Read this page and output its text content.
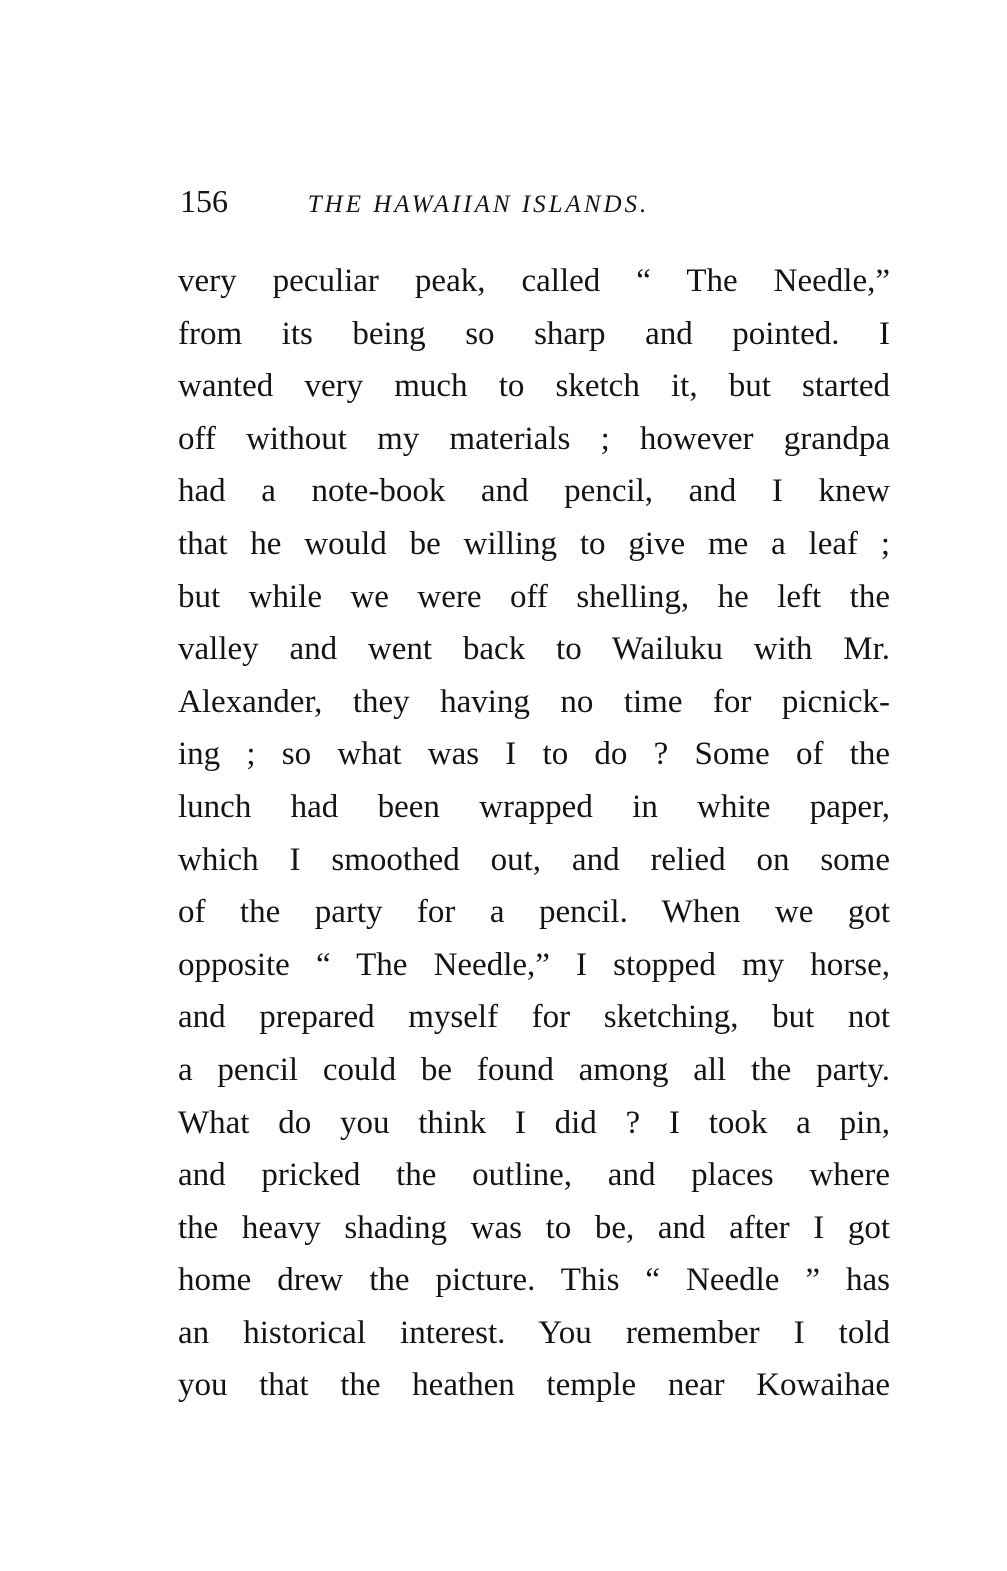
156	THE HAWAIIAN ISLANDS.
very peculiar peak, called “ The Needle,”
from its being so sharp and pointed. I
wanted very much to sketch it, but started
off without my materials ; however grandpa
had a note-book and pencil, and I knew
that he would be willing to give me a leaf ;
but while we were off shelling, he left the
valley and went back to Wailuku with Mr.
Alexander, they having no time for picnick-
ing ; so what was I to do ? Some of the
lunch had been wrapped in white paper,
which I smoothed out, and relied on some
of the party for a pencil. When we got
opposite “ The Needle,” I stopped my horse,
and prepared myself for sketching, but not
a pencil could be found among all the party.
What do you think I did ? I took a pin,
and pricked the outline, and places where
the heavy shading was to be, and after I got
home drew the picture. This “ Needle ” has
an historical interest. You remember I told
you that the heathen temple near Kowaihae
